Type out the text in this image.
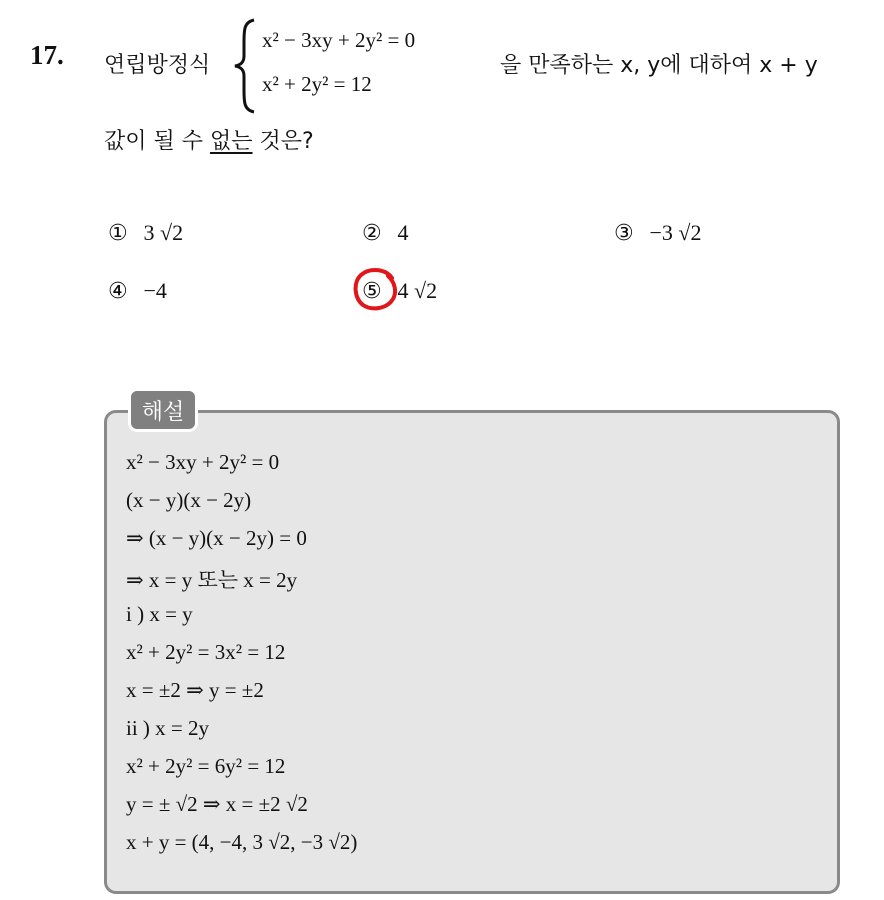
17. 연립방정식
x² − 3xy + 2y² = 0
x² + 2y² = 12
을 만족하는 x, y에 대하여 x + y
값이 될 수 없는 것은?
① 3 √2	② 4	③ −3 √2
④ −4	⑤ 4 √2
해설
x² − 3xy + 2y² = 0
(x − y)(x − 2y)
⇒ (x − y)(x − 2y) = 0
⇒ x = y 또는 x = 2y
i ) x = y
x² + 2y² = 3x² = 12
x = ±2 ⇒ y = ±2
ii ) x = 2y
x² + 2y² = 6y² = 12
y = ± √2 ⇒ x = ±2 √2
x + y = (4, −4, 3 √2, −3 √2)
